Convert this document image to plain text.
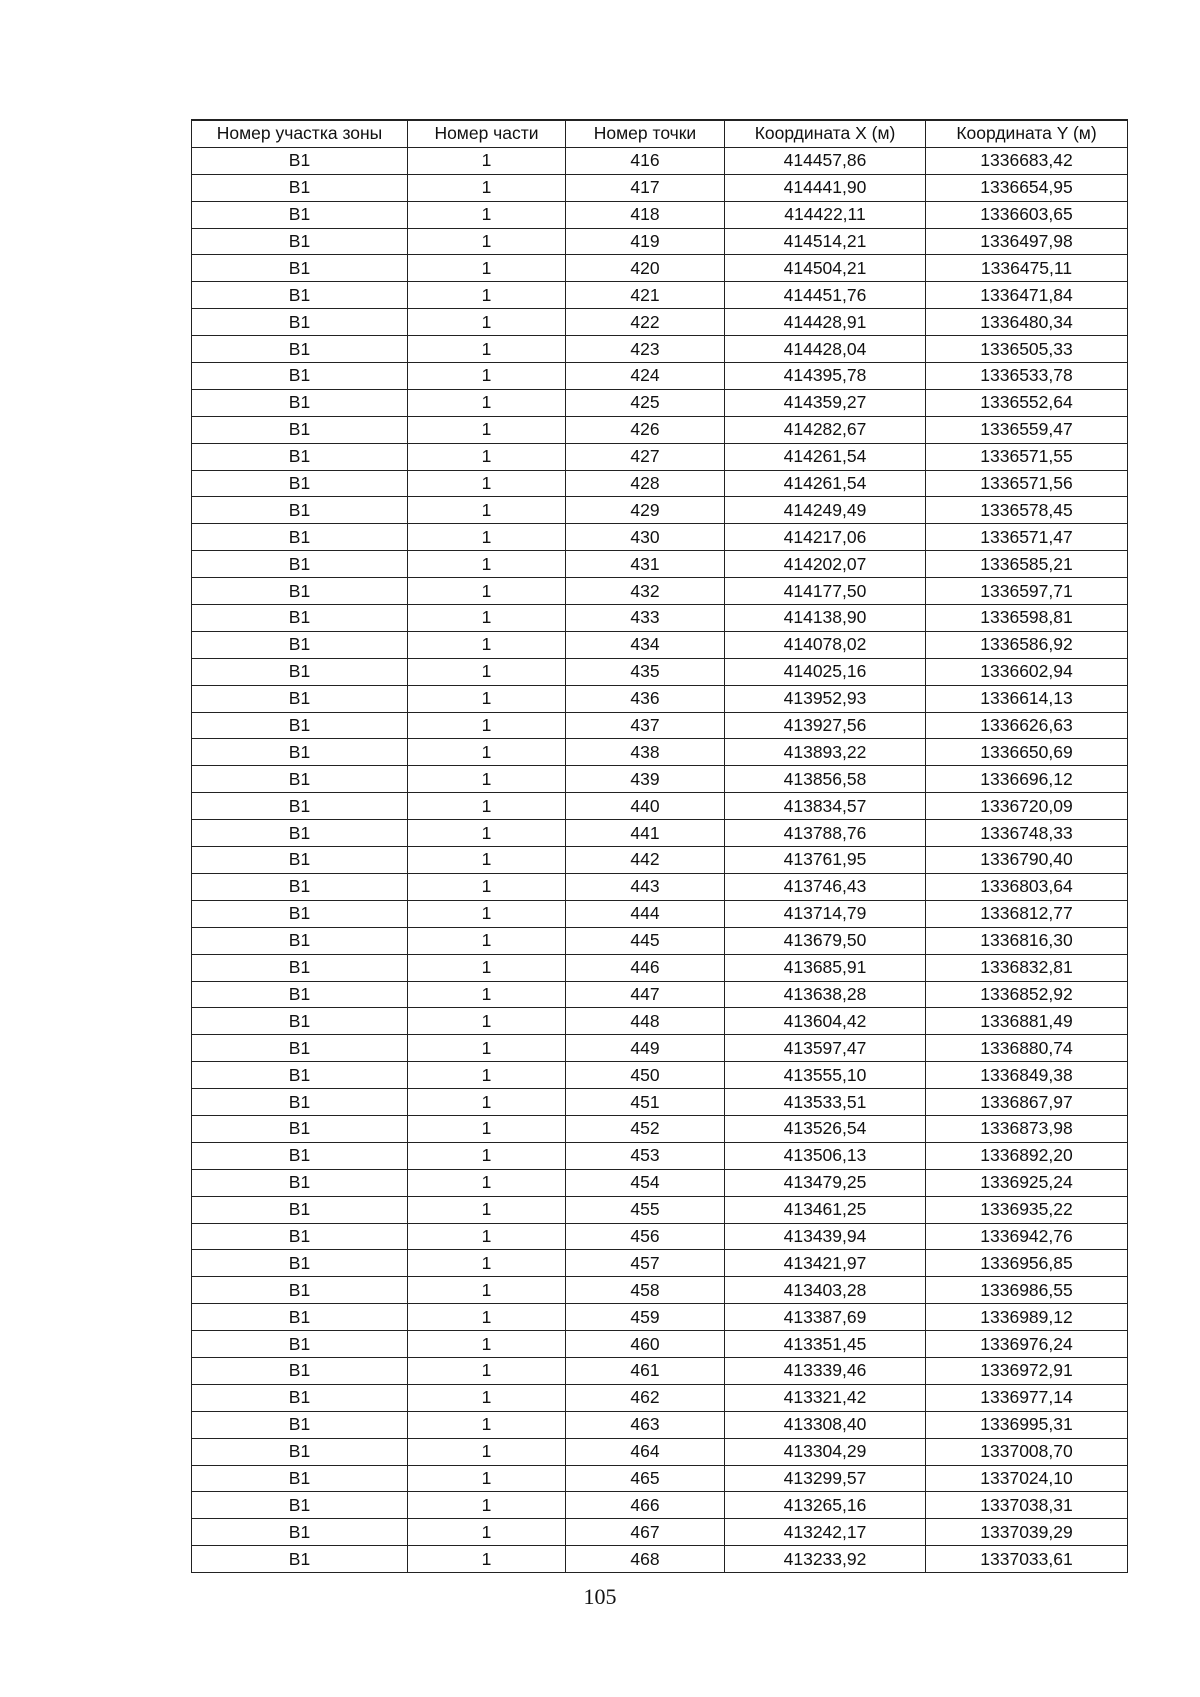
Номер участка зоны	Номер части	Номер точки	Координата X (м)	Координата Y (м)
В1	1	416	414457,86	1336683,42
В1	1	417	414441,90	1336654,95
В1	1	418	414422,11	1336603,65
В1	1	419	414514,21	1336497,98
В1	1	420	414504,21	1336475,11
В1	1	421	414451,76	1336471,84
В1	1	422	414428,91	1336480,34
В1	1	423	414428,04	1336505,33
В1	1	424	414395,78	1336533,78
В1	1	425	414359,27	1336552,64
В1	1	426	414282,67	1336559,47
В1	1	427	414261,54	1336571,55
В1	1	428	414261,54	1336571,56
В1	1	429	414249,49	1336578,45
В1	1	430	414217,06	1336571,47
В1	1	431	414202,07	1336585,21
В1	1	432	414177,50	1336597,71
В1	1	433	414138,90	1336598,81
В1	1	434	414078,02	1336586,92
В1	1	435	414025,16	1336602,94
В1	1	436	413952,93	1336614,13
В1	1	437	413927,56	1336626,63
В1	1	438	413893,22	1336650,69
В1	1	439	413856,58	1336696,12
В1	1	440	413834,57	1336720,09
В1	1	441	413788,76	1336748,33
В1	1	442	413761,95	1336790,40
В1	1	443	413746,43	1336803,64
В1	1	444	413714,79	1336812,77
В1	1	445	413679,50	1336816,30
В1	1	446	413685,91	1336832,81
В1	1	447	413638,28	1336852,92
В1	1	448	413604,42	1336881,49
В1	1	449	413597,47	1336880,74
В1	1	450	413555,10	1336849,38
В1	1	451	413533,51	1336867,97
В1	1	452	413526,54	1336873,98
В1	1	453	413506,13	1336892,20
В1	1	454	413479,25	1336925,24
В1	1	455	413461,25	1336935,22
В1	1	456	413439,94	1336942,76
В1	1	457	413421,97	1336956,85
В1	1	458	413403,28	1336986,55
В1	1	459	413387,69	1336989,12
В1	1	460	413351,45	1336976,24
В1	1	461	413339,46	1336972,91
В1	1	462	413321,42	1336977,14
В1	1	463	413308,40	1336995,31
В1	1	464	413304,29	1337008,70
В1	1	465	413299,57	1337024,10
В1	1	466	413265,16	1337038,31
В1	1	467	413242,17	1337039,29
В1	1	468	413233,92	1337033,61
105
